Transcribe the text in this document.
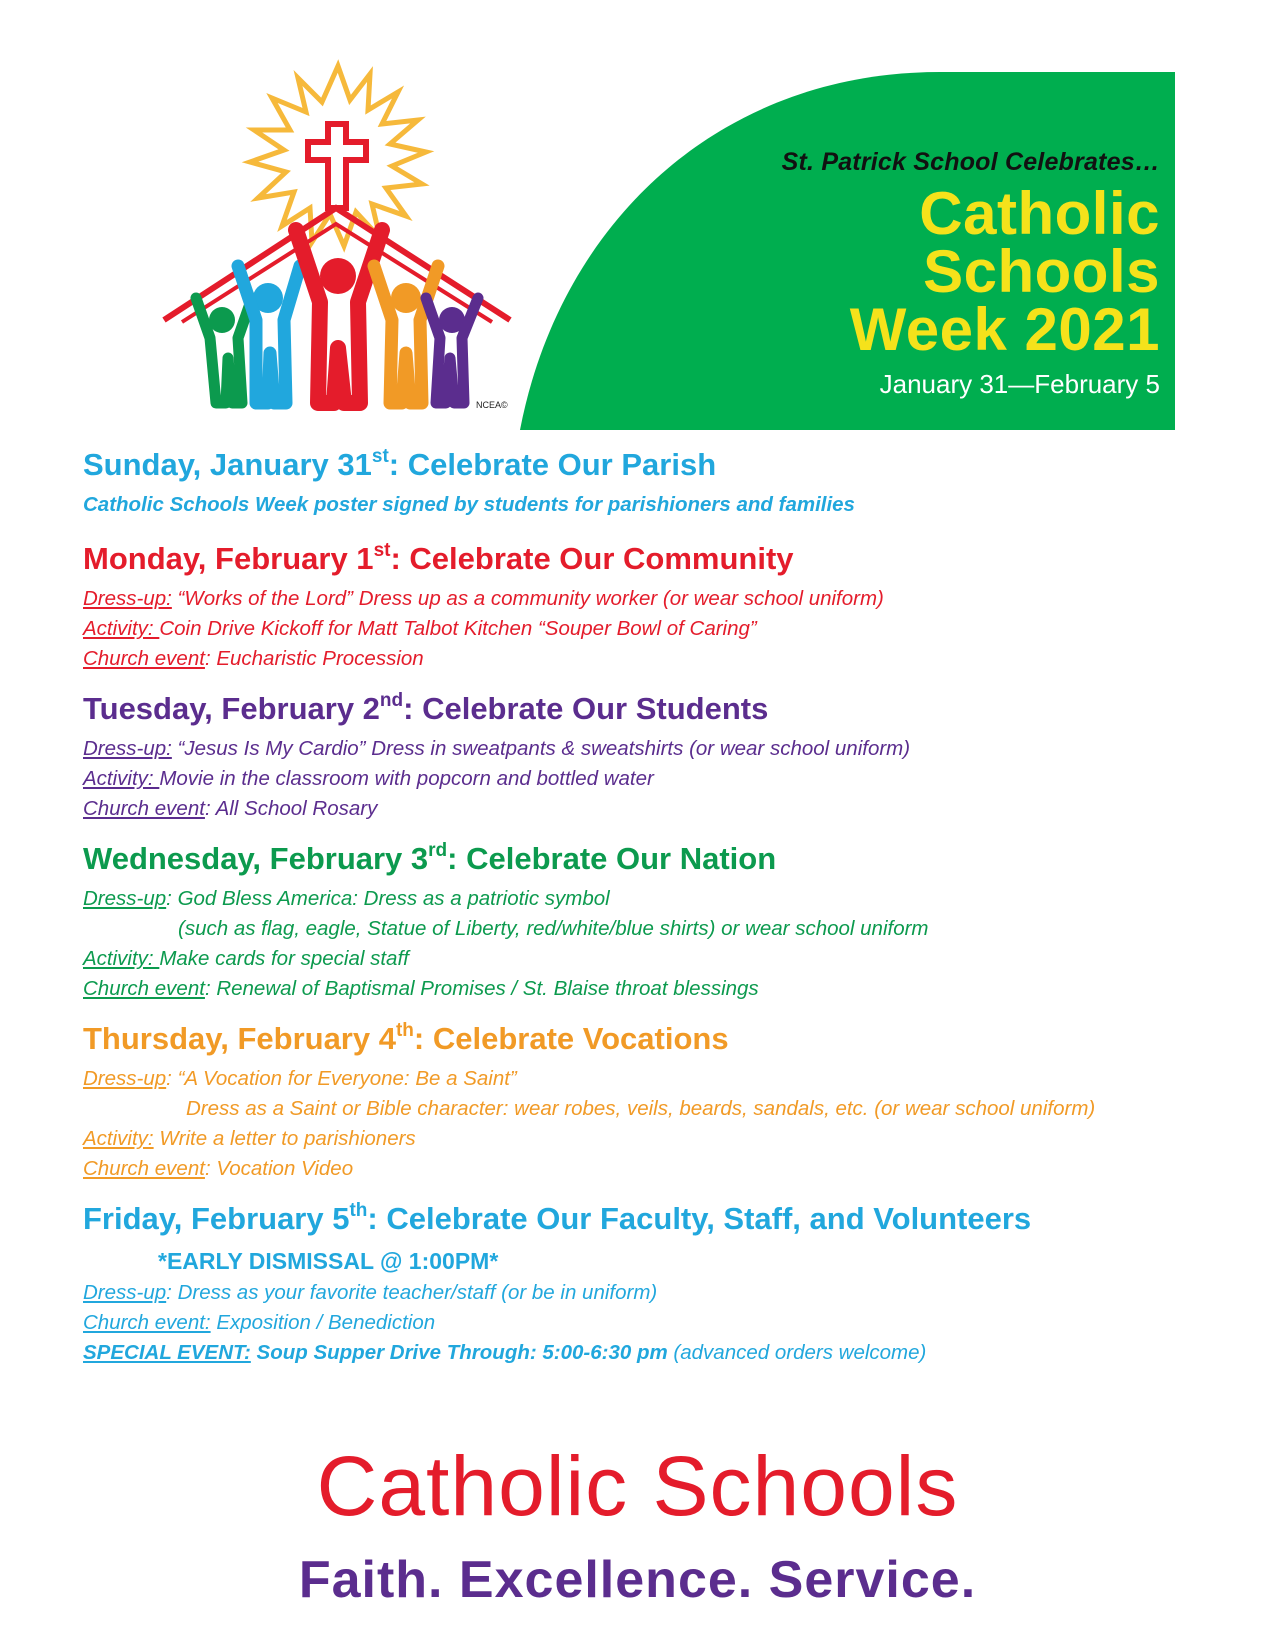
NCEA©
St. Patrick School Celebrates…
Catholic
Schools
Week 2021
January 31—February 5
Sunday, January 31st: Celebrate Our Parish
Catholic Schools Week poster signed by students for parishioners and families
Monday, February 1st: Celebrate Our Community
Dress-up: “Works of the Lord” Dress up as a community worker (or wear school uniform)
Activity: Coin Drive Kickoff for Matt Talbot Kitchen “Souper Bowl of Caring”
Church event: Eucharistic Procession
Tuesday, February 2nd: Celebrate Our Students
Dress-up: “Jesus Is My Cardio” Dress in sweatpants & sweatshirts (or wear school uniform)
Activity: Movie in the classroom with popcorn and bottled water
Church event: All School Rosary
Wednesday, February 3rd: Celebrate Our Nation
Dress-up: God Bless America: Dress as a patriotic symbol
(such as flag, eagle, Statue of Liberty, red/white/blue shirts) or wear school uniform
Activity: Make cards for special staff
Church event: Renewal of Baptismal Promises / St. Blaise throat blessings
Thursday, February 4th: Celebrate Vocations
Dress-up: “A Vocation for Everyone: Be a Saint”
Dress as a Saint or Bible character: wear robes, veils, beards, sandals, etc. (or wear school uniform)
Activity: Write a letter to parishioners
Church event: Vocation Video
Friday, February 5th: Celebrate Our Faculty, Staff, and Volunteers
*EARLY DISMISSAL @ 1:00PM*
Dress-up: Dress as your favorite teacher/staff (or be in uniform)
Church event: Exposition / Benediction
SPECIAL EVENT: Soup Supper Drive Through: 5:00-6:30 pm (advanced orders welcome)
Catholic Schools
Faith. Excellence. Service.
